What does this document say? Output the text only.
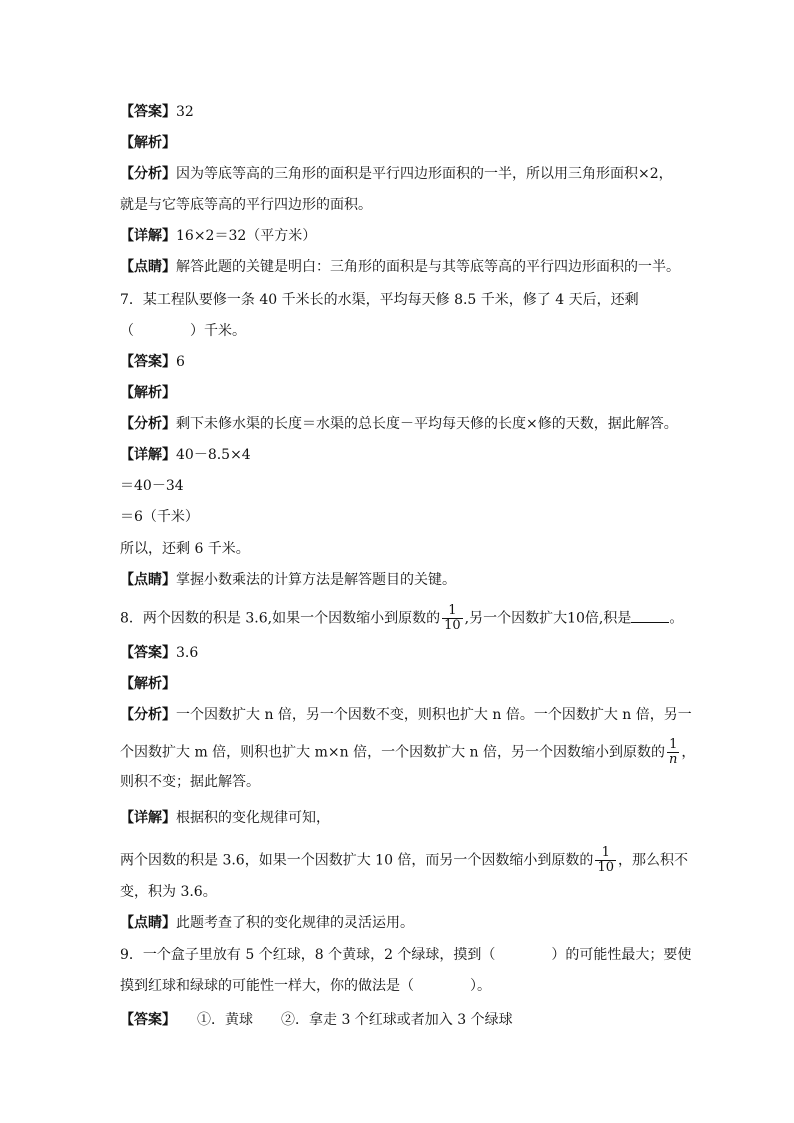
【答案】32
【解析】
【分析】因为等底等高的三角形的面积是平行四边形面积的一半，所以用三角形面积×2，
就是与它等底等高的平行四边形的面积。
【详解】16×2＝32（平方米）
【点睛】解答此题的关键是明白：三角形的面积是与其等底等高的平行四边形面积的一半。
7．某工程队要修一条 40 千米长的水渠，平均每天修 8.5 千米，修了 4 天后，还剩
（　　　　）千米。
【答案】6
【解析】
【分析】剩下未修水渠的长度＝水渠的总长度－平均每天修的长度×修的天数，据此解答。
【详解】40－8.5×4
＝40－34
＝6（千米）
所以，还剩 6 千米。
【点睛】掌握小数乘法的计算方法是解答题目的关键。
8．两个因数的积是 3.6,如果一个因数缩小到原数的 $\frac{1}{10}$ ,另一个因数扩大10倍,积是	。
【答案】3.6
【解析】
【分析】一个因数扩大 n 倍，另一个因数不变，则积也扩大 n 倍。一个因数扩大 n 倍，另一
个因数扩大 m 倍，则积也扩大 m×n 倍，一个因数扩大 n 倍，另一个因数缩小到原数的 $\frac{1}{n}$ ，
则积不变；据此解答。
【详解】根据积的变化规律可知，
两个因数的积是 3.6，如果一个因数扩大 10 倍，而另一个因数缩小到原数的 $\frac{1}{10}$ ，那么积不
变，积为 3.6。
【点睛】此题考查了积的变化规律的灵活运用。
9．一个盒子里放有 5 个红球，8 个黄球，2 个绿球，摸到（　　　　）的可能性最大；要使
摸到红球和绿球的可能性一样大，你的做法是（　　　　）。
【答案】　　①．黄球　　②．拿走 3 个红球或者加入 3 个绿球
